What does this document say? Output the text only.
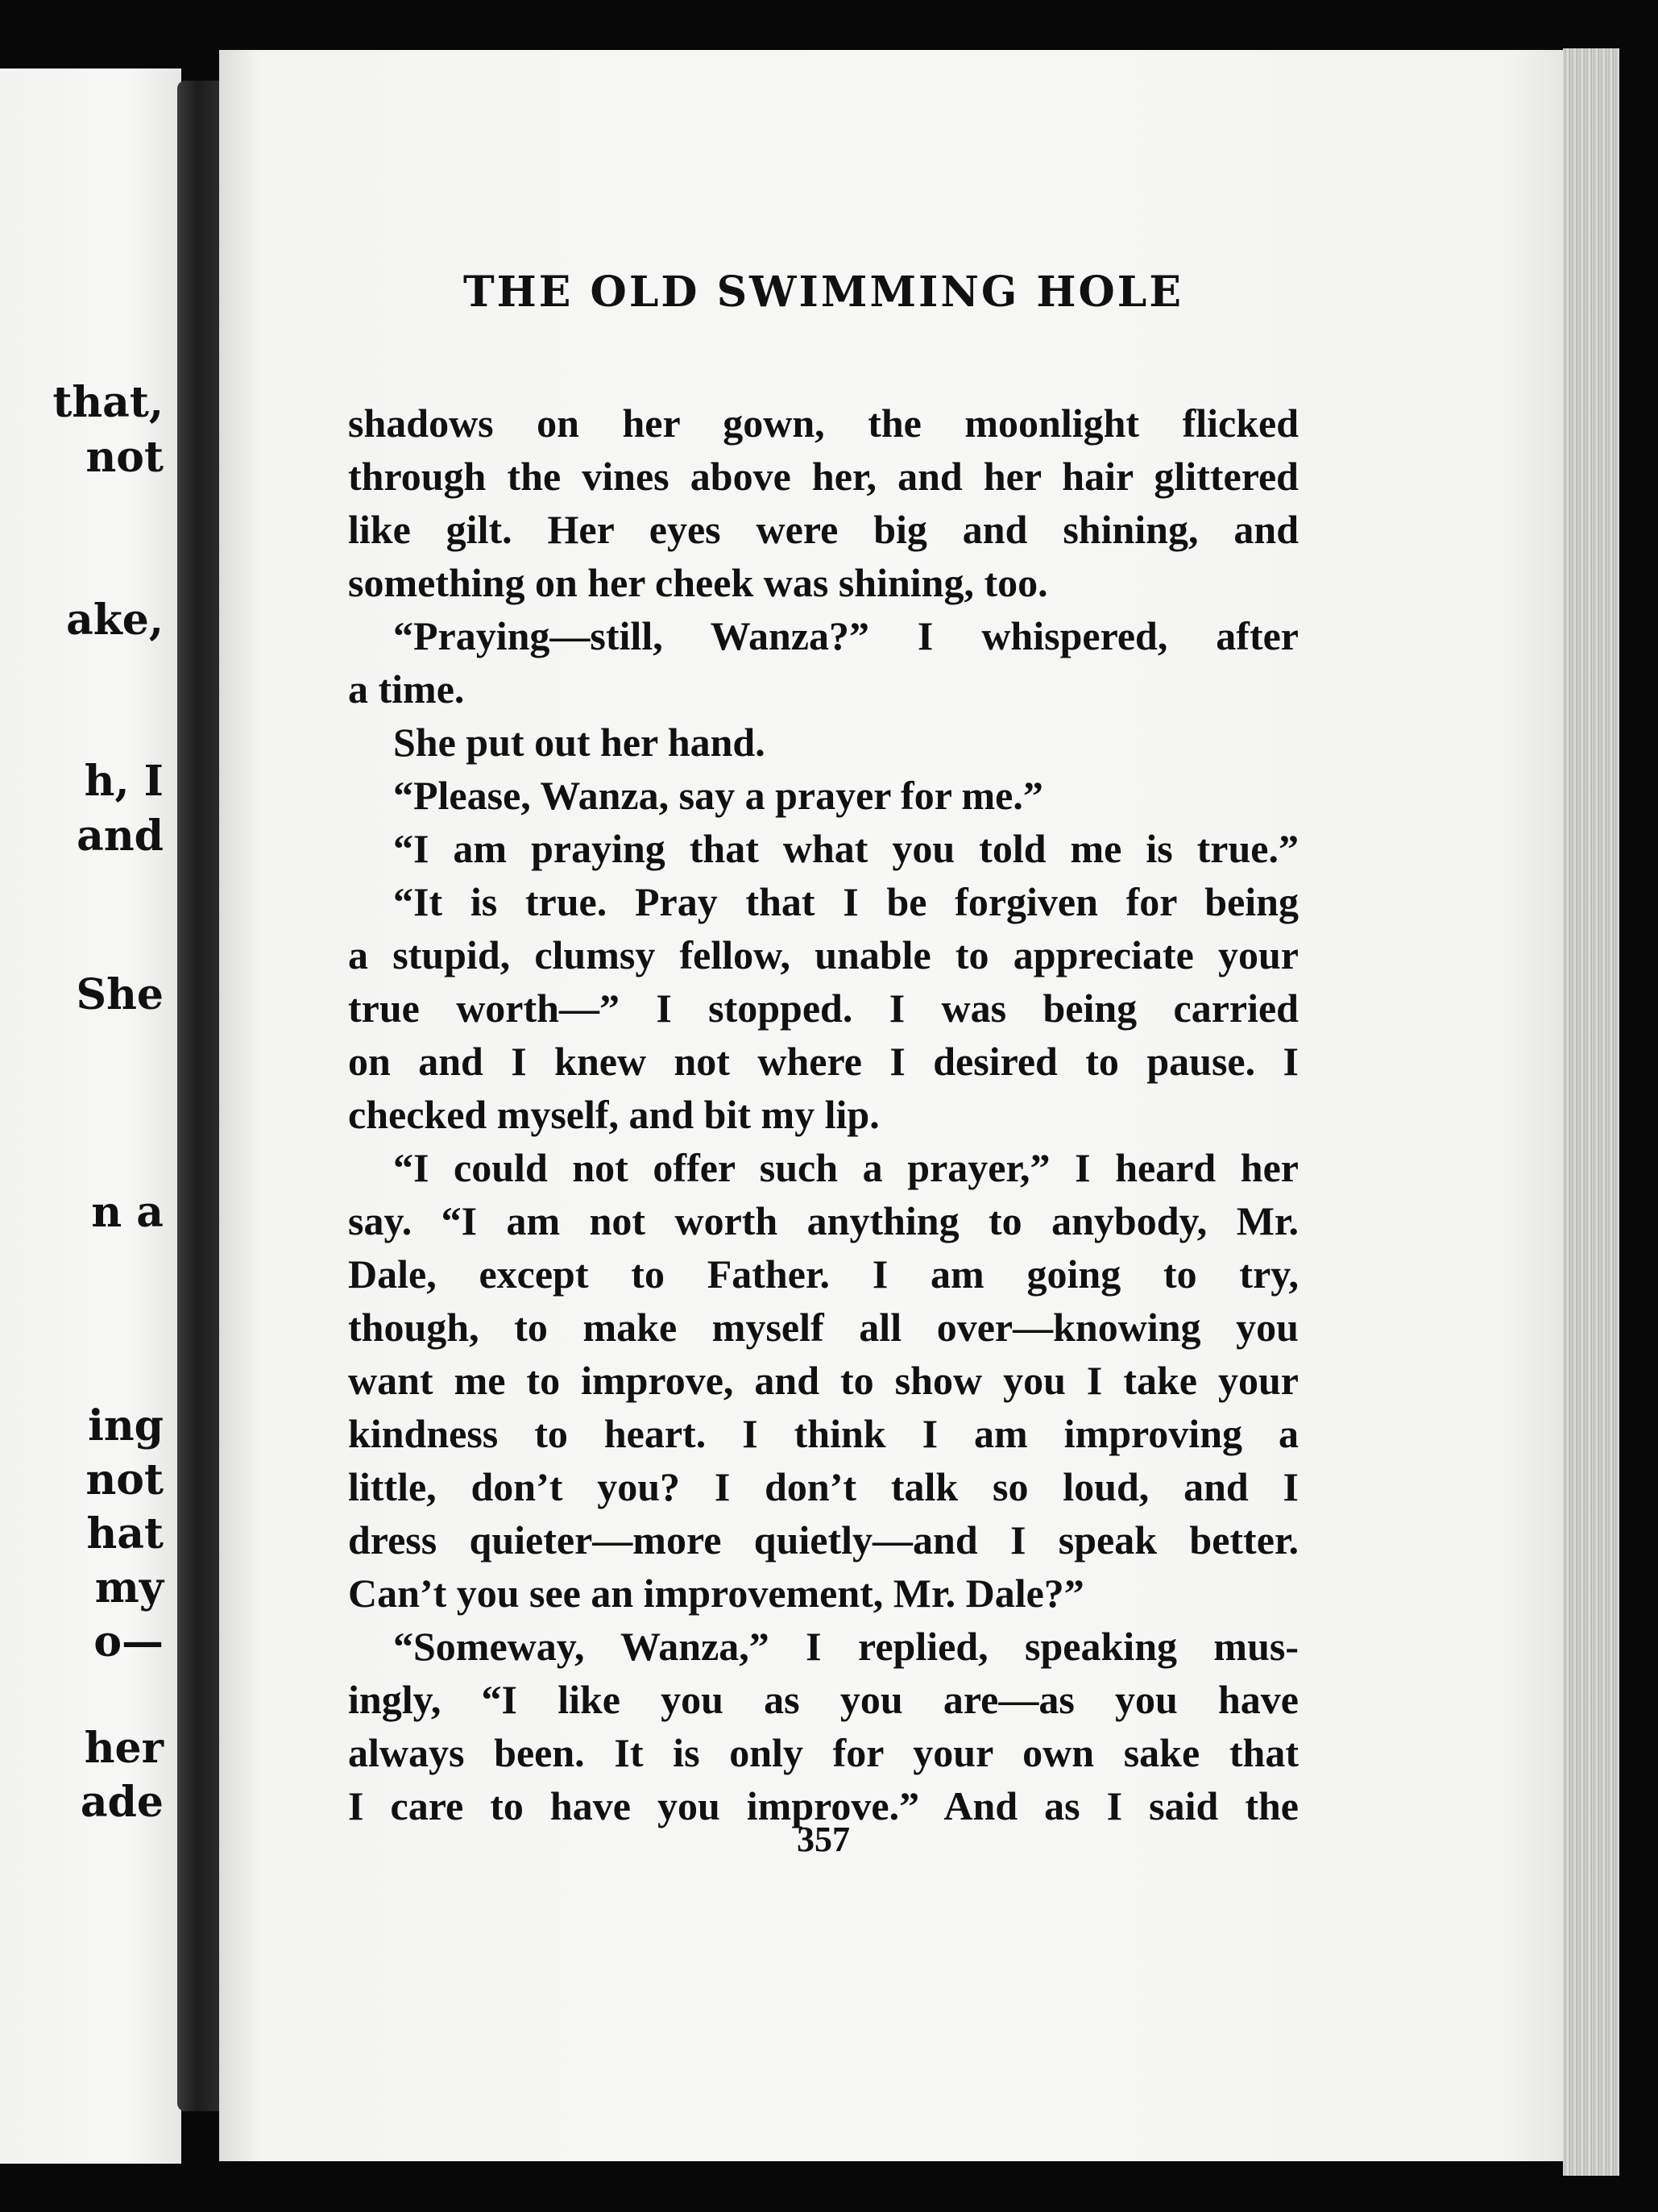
that,
not
ake,
h, I
and
She
n a
ing
not
hat
my
o—
her
ade
THE OLD SWIMMING HOLE
shadows on her gown, the moonlight flicked
through the vines above her, and her hair glittered
like gilt. Her eyes were big and shining, and
something on her cheek was shining, too.
“Praying—still, Wanza?” I whispered, after
a time.
She put out her hand.
“Please, Wanza, say a prayer for me.”
“I am praying that what you told me is true.”
“It is true. Pray that I be forgiven for being
a stupid, clumsy fellow, unable to appreciate your
true worth—” I stopped. I was being carried
on and I knew not where I desired to pause. I
checked myself, and bit my lip.
“I could not offer such a prayer,” I heard her
say. “I am not worth anything to anybody, Mr.
Dale, except to Father. I am going to try,
though, to make myself all over—knowing you
want me to improve, and to show you I take your
kindness to heart. I think I am improving a
little, don’t you? I don’t talk so loud, and I
dress quieter—more quietly—and I speak better.
Can’t you see an improvement, Mr. Dale?”
“Someway, Wanza,” I replied, speaking mus-
ingly, “I like you as you are—as you have
always been. It is only for your own sake that
I care to have you improve.” And as I said the
357
